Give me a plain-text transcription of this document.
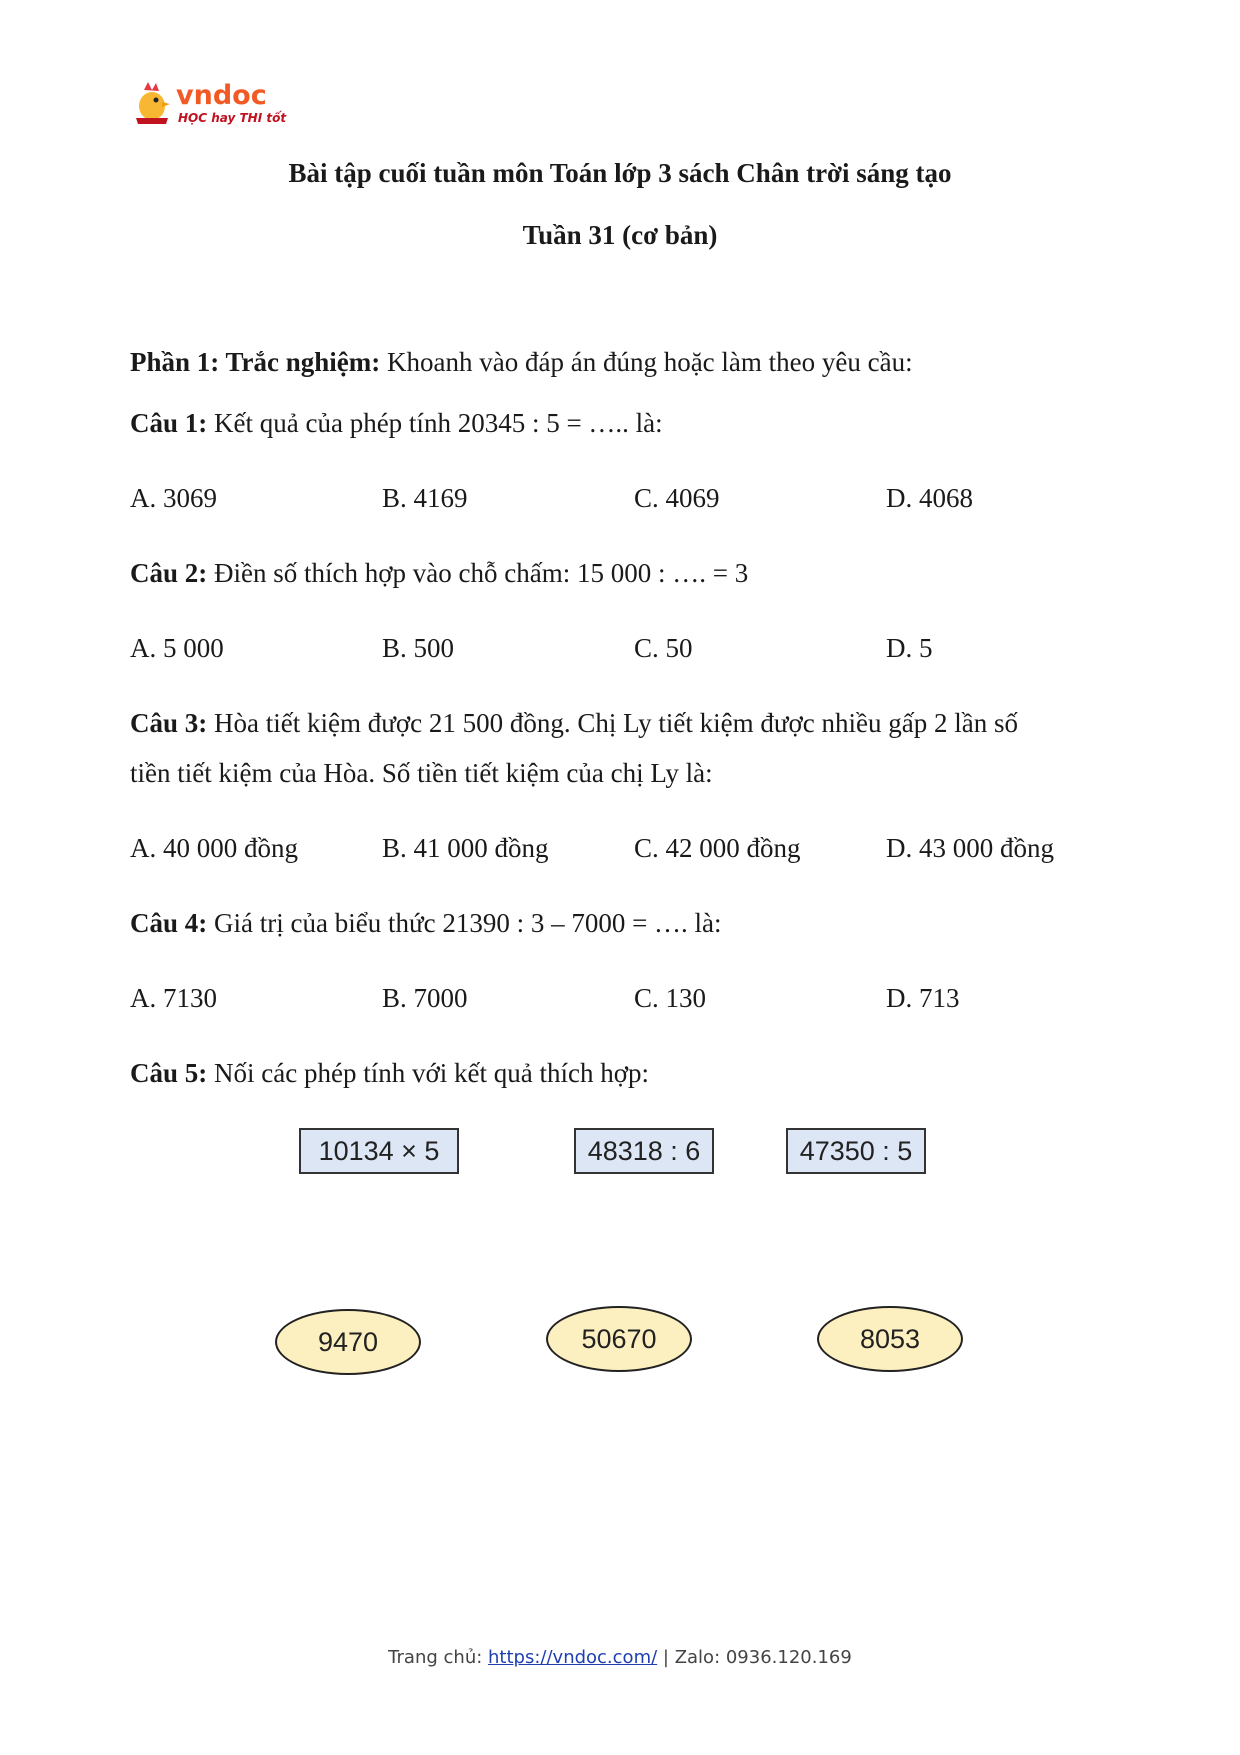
vndoc
HỌC hay THI tốt
Bài tập cuối tuần môn Toán lớp 3 sách Chân trời sáng tạo
Tuần 31 (cơ bản)
Phần 1: Trắc nghiệm: Khoanh vào đáp án đúng hoặc làm theo yêu cầu:
Câu 1: Kết quả của phép tính 20345 : 5 = ….. là:
A. 3069	B. 4169	C. 4069	D. 4068
Câu 2: Điền số thích hợp vào chỗ chấm: 15 000 : …. = 3
A. 5 000	B. 500	C. 50	D. 5
Câu 3: Hòa tiết kiệm được 21 500 đồng. Chị Ly tiết kiệm được nhiều gấp 2 lần số
tiền tiết kiệm của Hòa. Số tiền tiết kiệm của chị Ly là:
A. 40 000 đồng	B. 41 000 đồng	C. 42 000 đồng	D. 43 000 đồng
Câu 4: Giá trị của biểu thức 21390 : 3 – 7000 = …. là:
A. 7130	B. 7000	C. 130	D. 713
Câu 5: Nối các phép tính với kết quả thích hợp:
10134 × 5	48318 : 6	47350 : 5
9470	50670	8053
Trang chủ: https://vndoc.com/ | Zalo: 0936.120.169
